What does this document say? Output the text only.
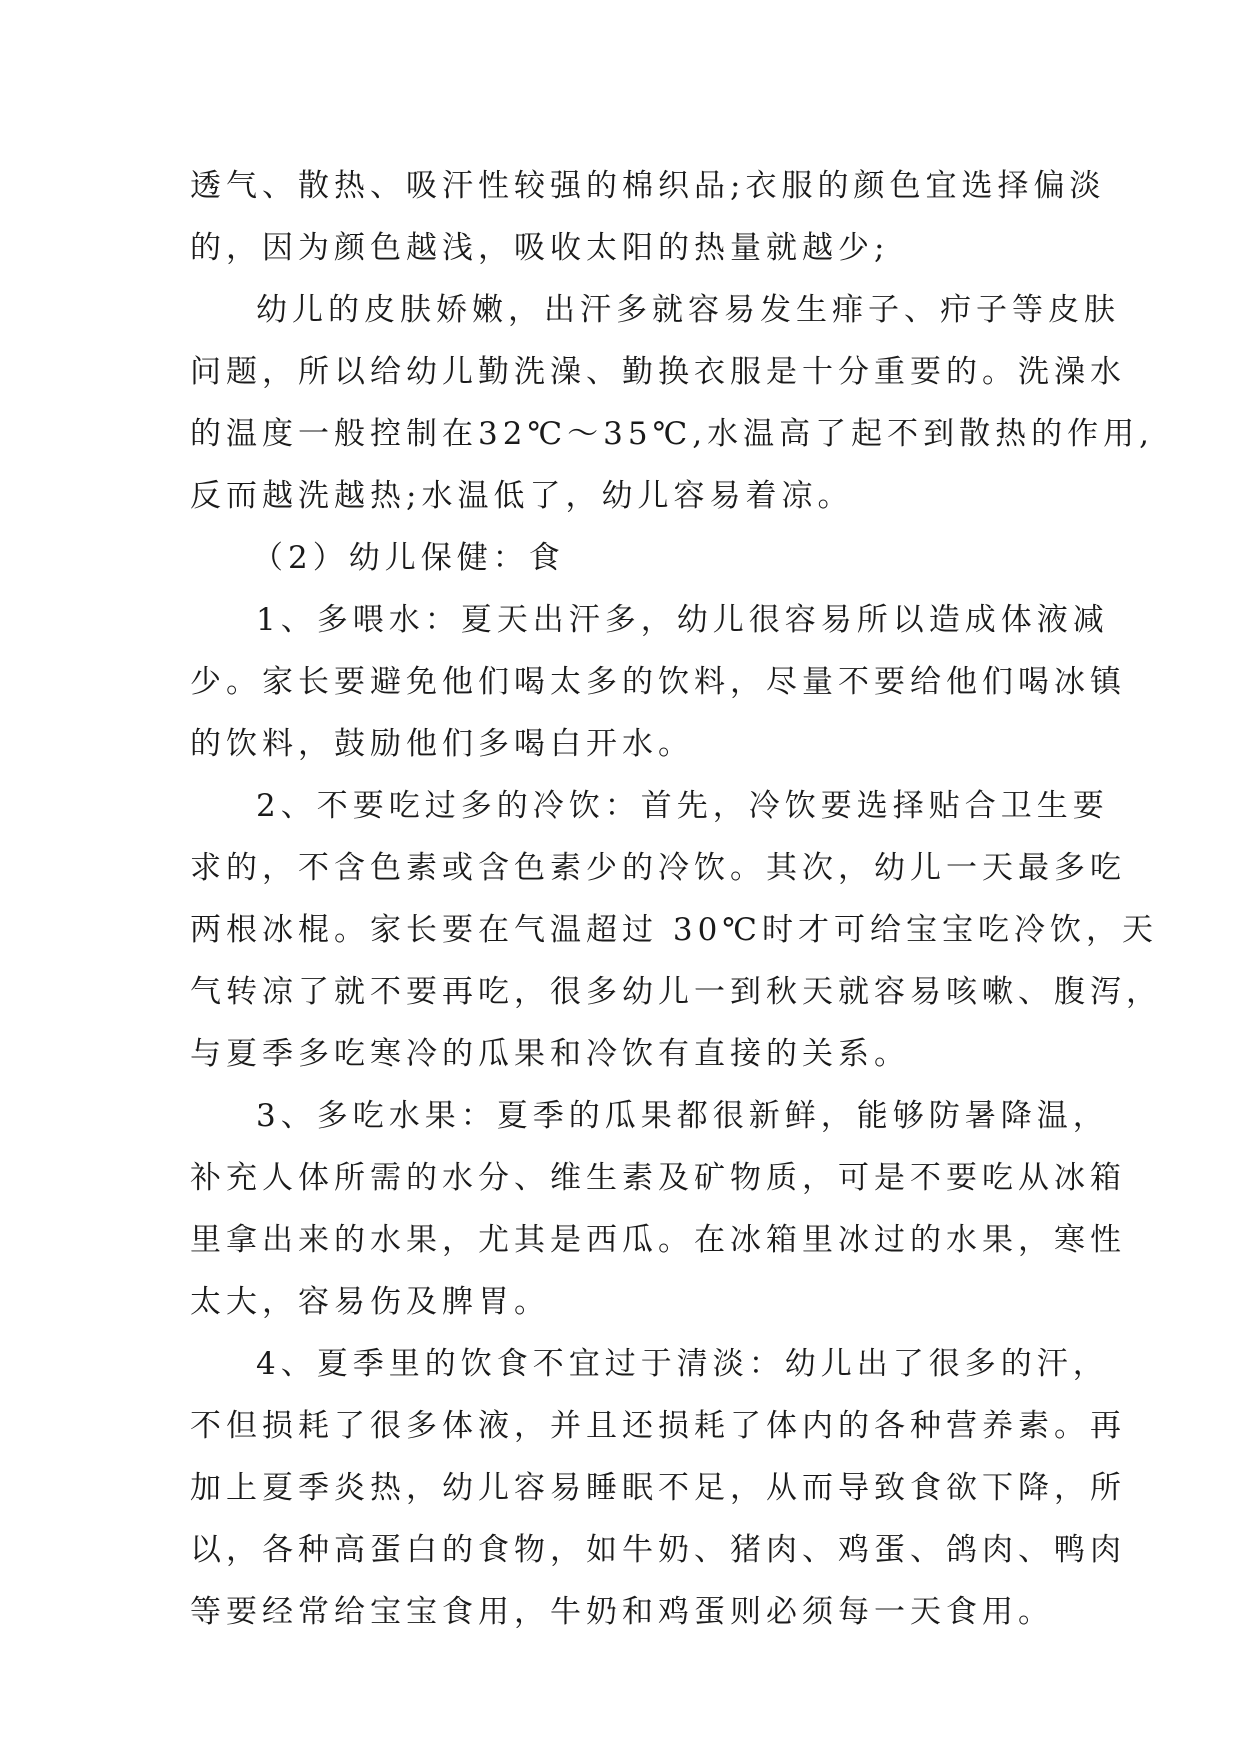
透气、散热、吸汗性较强的棉织品;衣服的颜色宜选择偏淡
的，因为颜色越浅，吸收太阳的热量就越少;
幼儿的皮肤娇嫩，出汗多就容易发生痱子、疖子等皮肤
问题，所以给幼儿勤洗澡、勤换衣服是十分重要的。洗澡水
的温度一般控制在32℃～35℃,水温高了起不到散热的作用,
反而越洗越热;水温低了，幼儿容易着凉。
（2）幼儿保健：食
1、多喂水：夏天出汗多，幼儿很容易所以造成体液减
少。家长要避免他们喝太多的饮料，尽量不要给他们喝冰镇
的饮料，鼓励他们多喝白开水。
2、不要吃过多的冷饮：首先，冷饮要选择贴合卫生要
求的，不含色素或含色素少的冷饮。其次，幼儿一天最多吃
两根冰棍。家长要在气温超过 30℃时才可给宝宝吃冷饮，天
气转凉了就不要再吃，很多幼儿一到秋天就容易咳嗽、腹泻，
与夏季多吃寒冷的瓜果和冷饮有直接的关系。
3、多吃水果：夏季的瓜果都很新鲜，能够防暑降温，
补充人体所需的水分、维生素及矿物质，可是不要吃从冰箱
里拿出来的水果，尤其是西瓜。在冰箱里冰过的水果，寒性
太大，容易伤及脾胃。
4、夏季里的饮食不宜过于清淡：幼儿出了很多的汗，
不但损耗了很多体液，并且还损耗了体内的各种营养素。再
加上夏季炎热，幼儿容易睡眠不足，从而导致食欲下降，所
以，各种高蛋白的食物，如牛奶、猪肉、鸡蛋、鸽肉、鸭肉
等要经常给宝宝食用，牛奶和鸡蛋则必须每一天食用。
